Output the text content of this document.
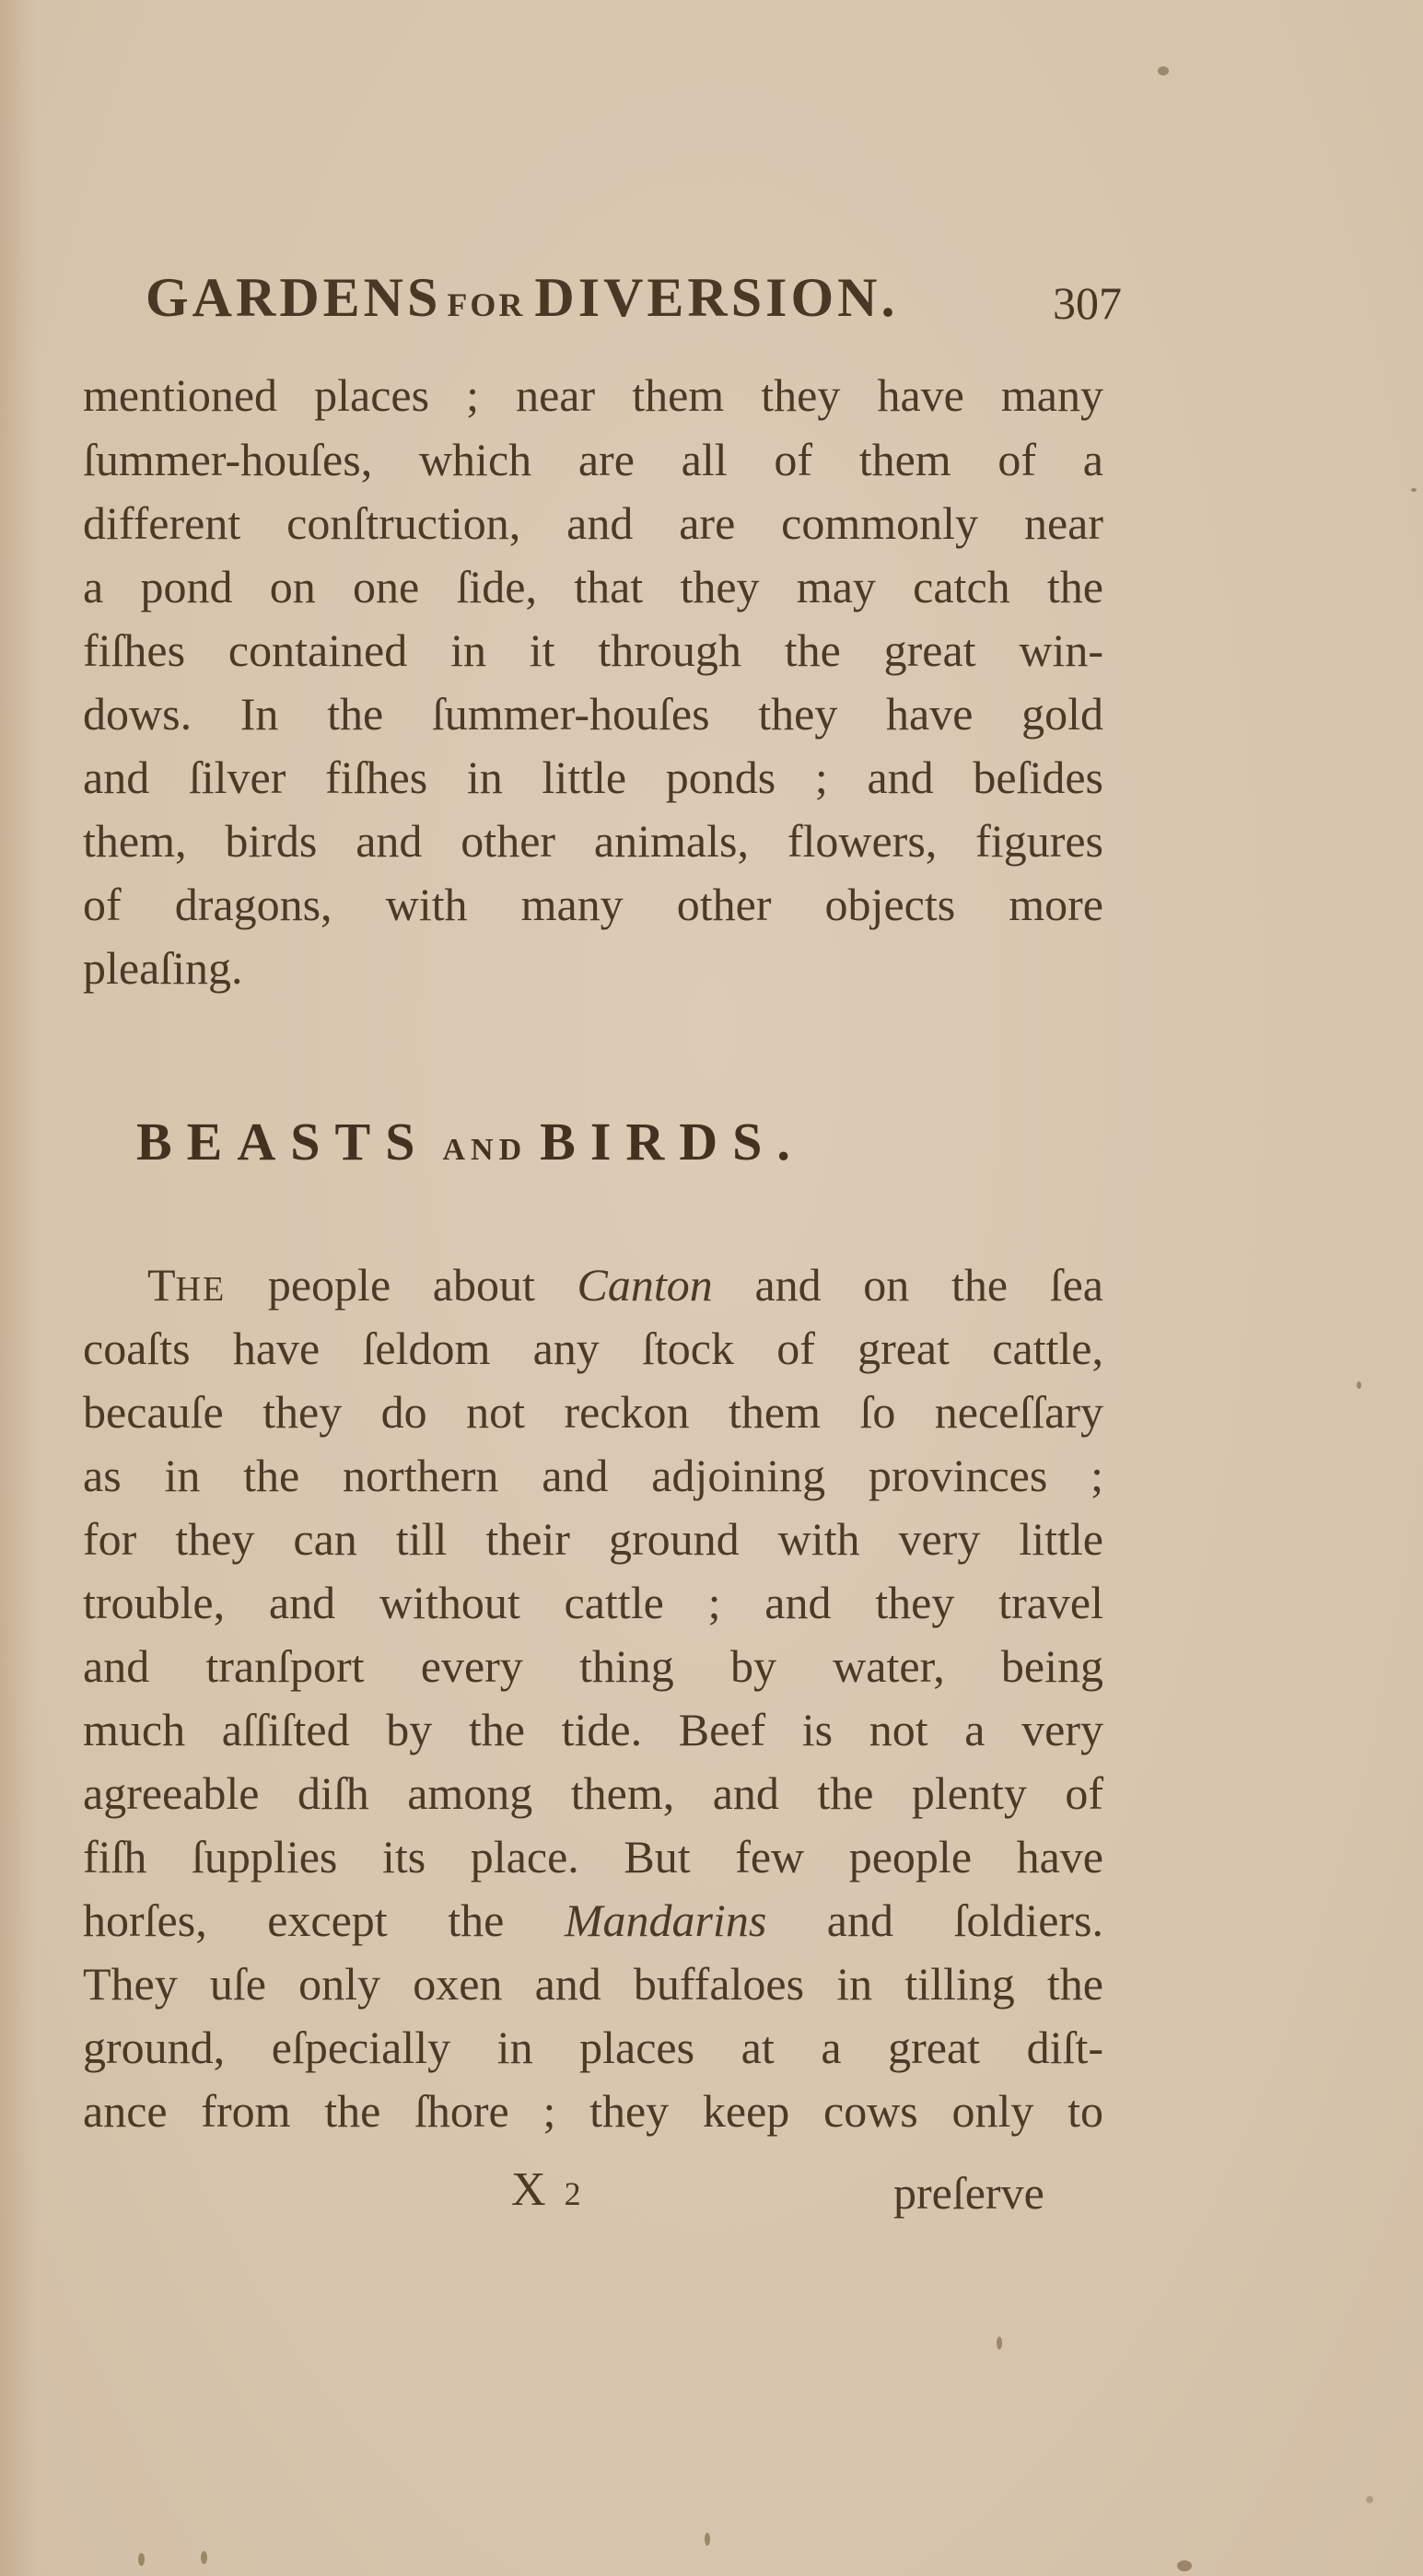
GARDENS FOR DIVERSION.	307
mentioned places ; near them they have many
ſummer-houſes, which are all of them of a
different conſtruction, and are commonly near
a pond on one ſide, that they may catch the
fiſhes contained in it through the great win-
dows. In the ſummer-houſes they have gold
and ſilver fiſhes in little ponds ; and beſides
them, birds and other animals, flowers, figures
of dragons, with many other objects more
pleaſing.
BEASTS AND BIRDS.
THE people about Canton and on the ſea
coaſts have ſeldom any ſtock of great cattle,
becauſe they do not reckon them ſo neceſſary
as in the northern and adjoining provinces ;
for they can till their ground with very little
trouble, and without cattle ; and they travel
and tranſport every thing by water, being
much aſſiſted by the tide. Beef is not a very
agreeable diſh among them, and the plenty of
fiſh ſupplies its place. But few people have
horſes, except the Mandarins and ſoldiers.
They uſe only oxen and buffaloes in tilling the
ground, eſpecially in places at a great diſt-
ance from the ſhore ; they keep cows only to
X 2	preſerve
